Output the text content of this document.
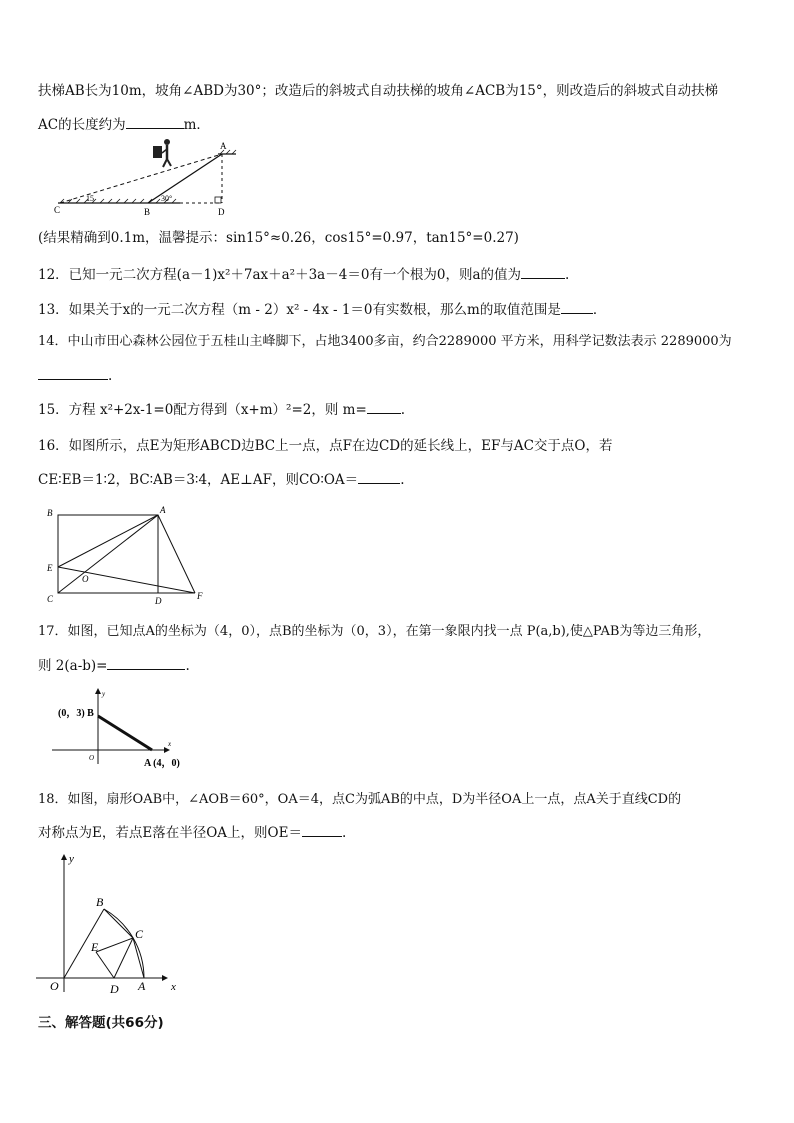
扶梯AB长为10m，坡角∠ABD为30°；改造后的斜坡式自动扶梯的坡角∠ACB为15°，则改造后的斜坡式自动扶梯
AC的长度约为	m．
A
B
C	D
15	30°
(结果精确到0.1m，温馨提示：sin15°≈0.26，cos15°=0.97，tan15°=0.27)
12．已知一元二次方程(a－1)x²＋7ax＋a²＋3a－4＝0有一个根为0，则a的值为	.
13．如果关于x的一元二次方程（m - 2）x² - 4x - 1＝0有实数根，那么m的取值范围是 ．
14．中山市田心森林公园位于五桂山主峰脚下，占地3400多亩，约合2289000 平方米，用科学记数法表示 2289000为
.
15．方程 x²+2x-1=0配方得到（x+m）²=2，则 m=	.
16．如图所示，点E为矩形ABCD边BC上一点，点F在边CD的延长线上，EF与AC交于点O，若
CE∶EB＝1∶2，BC∶AB＝3∶4，AE⊥AF，则CO∶OA＝	.
B	A
E
O
C	D	F
17．如图，已知点A的坐标为（4，0），点B的坐标为（0，3），在第一象限内找一点 P(a,b),使△PAB为等边三角形，
则 2(a-b)=	.
x
y
O
(0，3) B
A (4，0)
18．如图，扇形OAB中，∠AOB＝60°，OA＝4，点C为弧AB的中点，D为半径OA上一点，点A关于直线CD的
对称点为E，若点E落在半径OA上，则OE＝	.
x
y
O	A
B
C
D
E
三、解答题(共66分)
